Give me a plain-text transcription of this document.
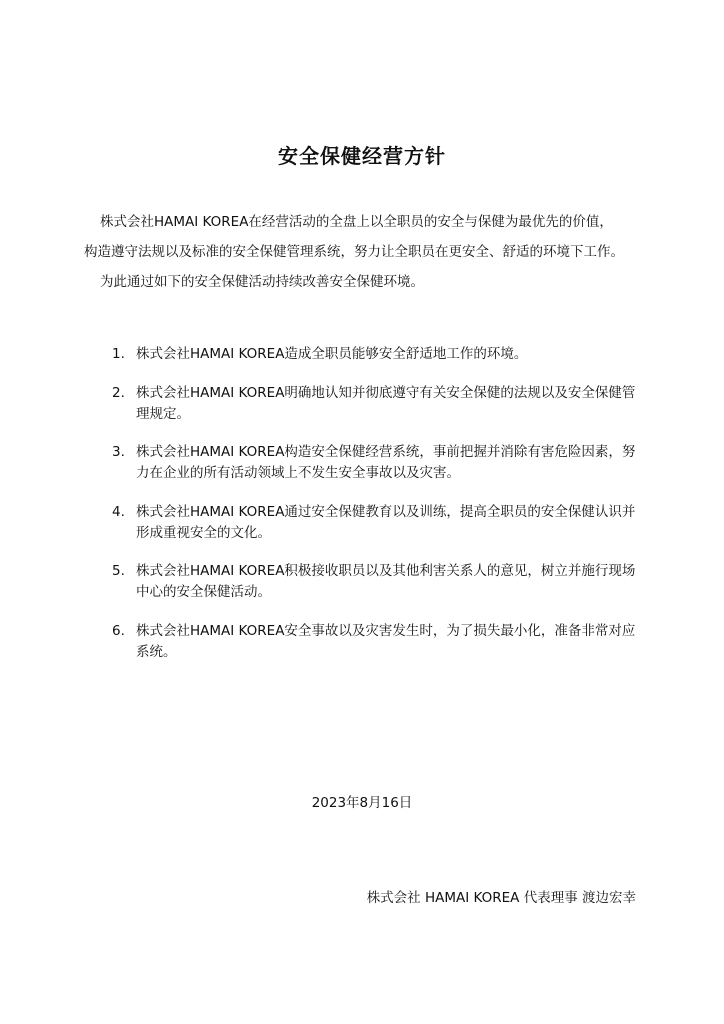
安全保健经营方针

株式会社HAMAI KOREA在经营活动的全盘上以全职员的安全与保健为最优先的价值，

构造遵守法规以及标准的安全保健管理系统，努力让全职员在更安全、舒适的环境下工作。

为此通过如下的安全保健活动持续改善安全保健环境。

1. 株式会社HAMAI KOREA造成全职员能够安全舒适地工作的环境。
2. 株式会社HAMAI KOREA明确地认知并彻底遵守有关安全保健的法规以及安全保健管理规定。
3. 株式会社HAMAI KOREA构造安全保健经营系统，事前把握并消除有害危险因素，努力在企业的所有活动领域上不发生安全事故以及灾害。
4. 株式会社HAMAI KOREA通过安全保健教育以及训练，提高全职员的安全保健认识并形成重视安全的文化。
5. 株式会社HAMAI KOREA积极接收职员以及其他利害关系人的意见，树立并施行现场中心的安全保健活动。
6. 株式会社HAMAI KOREA安全事故以及灾害发生时，为了损失最小化，准备非常对应系统。
2023年8月16日
株式会社 HAMAI KOREA 代表理事 渡边宏幸
